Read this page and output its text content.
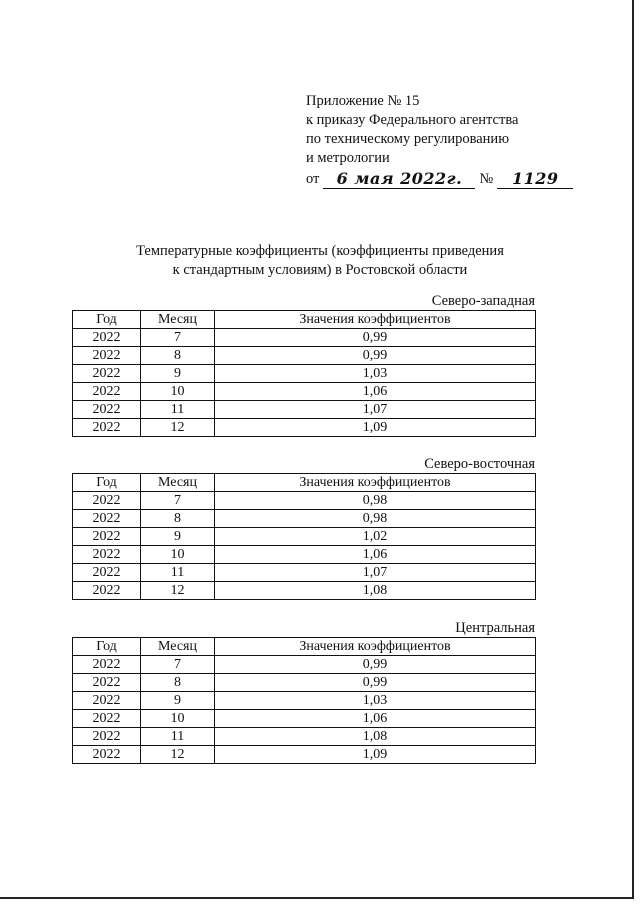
Приложение № 15
к приказу Федерального агентства
по техническому регулированию
и метрологии
от	6 мая 2022г.	№	1129
Температурные коэффициенты (коэффициенты приведения
к стандартным условиям) в Ростовской области
Северо-западная
Год	Месяц	Значения коэффициентов
2022	7	0,99
2022	8	0,99
2022	9	1,03
2022	10	1,06
2022	11	1,07
2022	12	1,09
Северо-восточная
Год	Месяц	Значения коэффициентов
2022	7	0,98
2022	8	0,98
2022	9	1,02
2022	10	1,06
2022	11	1,07
2022	12	1,08
Центральная
Год	Месяц	Значения коэффициентов
2022	7	0,99
2022	8	0,99
2022	9	1,03
2022	10	1,06
2022	11	1,08
2022	12	1,09
